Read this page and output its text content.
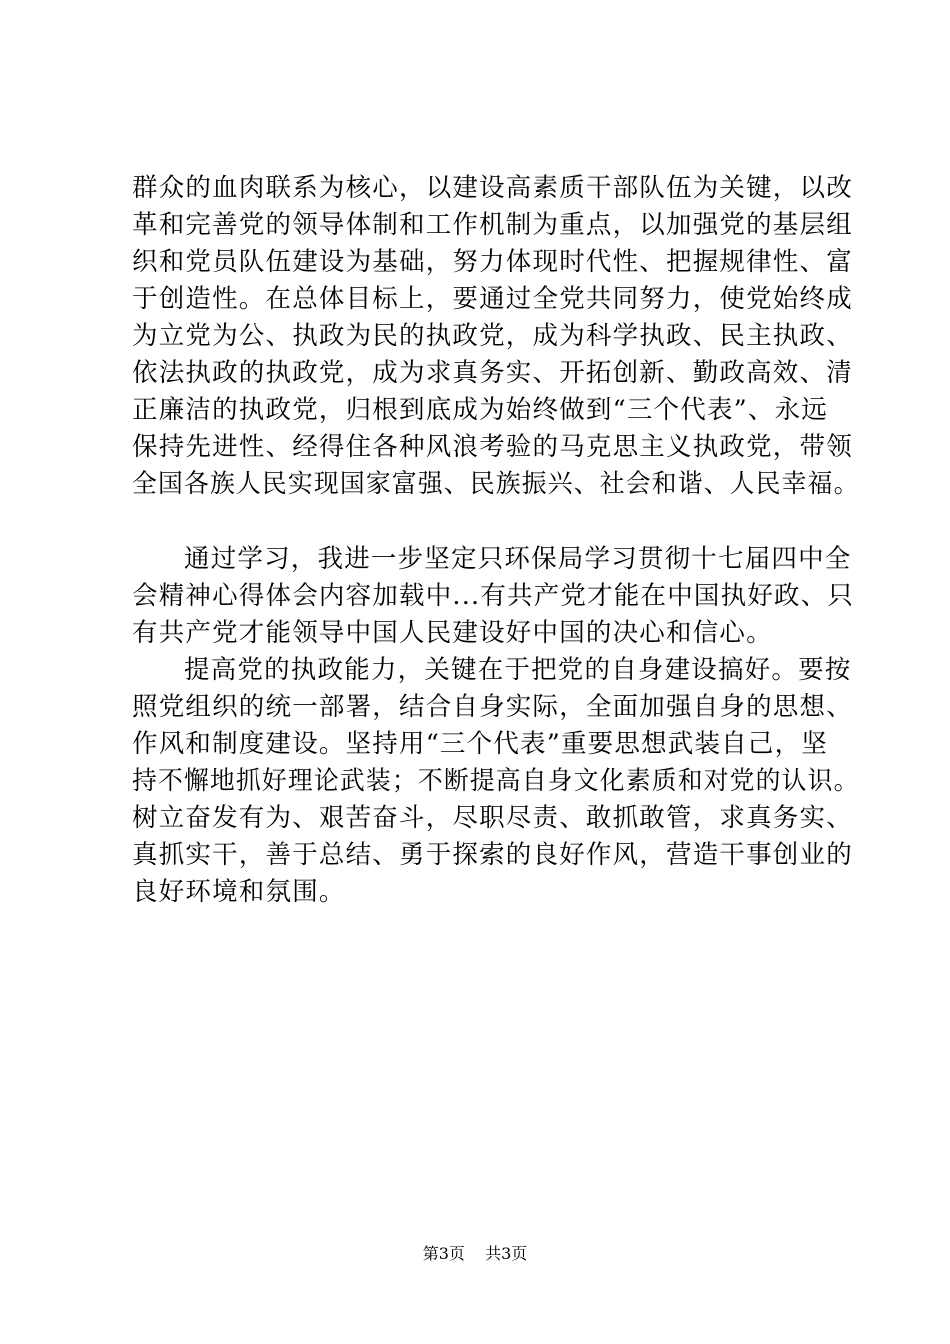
群众的血肉联系为核心，以建设高素质干部队伍为关键，以改
革和完善党的领导体制和工作机制为重点，以加强党的基层组
织和党员队伍建设为基础，努力体现时代性、把握规律性、富
于创造性。在总体目标上，要通过全党共同努力，使党始终成
为立党为公、执政为民的执政党，成为科学执政、民主执政、
依法执政的执政党，成为求真务实、开拓创新、勤政高效、清
正廉洁的执政党，归根到底成为始终做到“三个代表”、永远
保持先进性、经得住各种风浪考验的马克思主义执政党，带领
全国各族人民实现国家富强、民族振兴、社会和谐、人民幸福。
通过学习，我进一步坚定只环保局学习贯彻十七届四中全
会精神心得体会内容加载中...有共产党才能在中国执好政、只
有共产党才能领导中国人民建设好中国的决心和信心。
提高党的执政能力，关键在于把党的自身建设搞好。要按
照党组织的统一部署，结合自身实际，全面加强自身的思想、
作风和制度建设。坚持用“三个代表”重要思想武装自己，坚
持不懈地抓好理论武装；不断提高自身文化素质和对党的认识。
树立奋发有为、艰苦奋斗，尽职尽责、敢抓敢管，求真务实、
真抓实干，善于总结、勇于探索的良好作风，营造干事创业的
良好环境和氛围。
第3页 共3页
